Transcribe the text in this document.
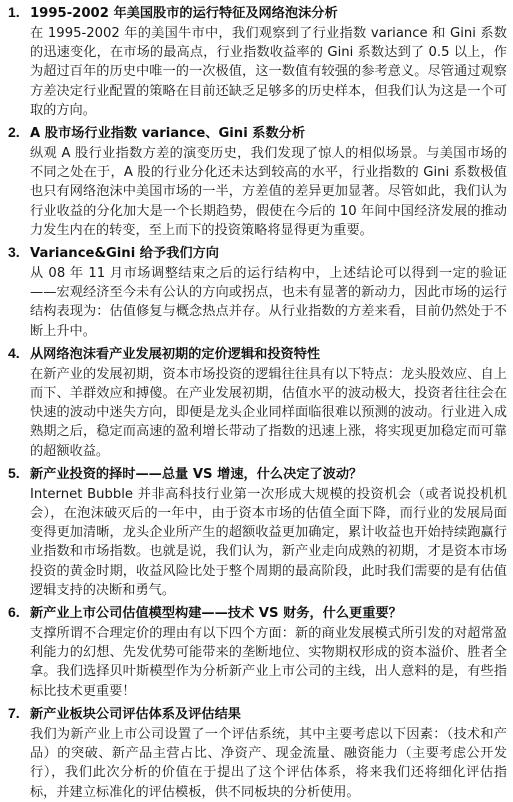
1. 1995-2002 年美国股市的运行特征及网络泡沫分析
在 1995-2002 年的美国牛市中，我们观察到了行业指数 variance 和 Gini 系数的迅速变化，在市场的最高点，行业指数收益率的 Gini 系数达到了 0.5 以上，作为超过百年的历史中唯一的一次极值，这一数值有较强的参考意义。尽管通过观察方差决定行业配置的策略在目前还缺乏足够多的历史样本，但我们认为这是一个可取的方向。
2. A 股市场行业指数 variance、Gini 系数分析
纵观 A 股行业指数方差的演变历史，我们发现了惊人的相似场景。与美国市场的不同之处在于，A 股的行业分化还未达到较高的水平，行业指数的 Gini 系数极值也只有网络泡沫中美国市场的一半，方差值的差异更加显著。尽管如此，我们认为行业收益的分化加大是一个长期趋势，假使在今后的 10 年间中国经济发展的推动力发生内在的转变，至上而下的投资策略将显得更为重要。
3. Variance&Gini 给予我们方向
从 08 年 11 月市场调整结束之后的运行结构中，上述结论可以得到一定的验证——宏观经济至今未有公认的方向或拐点，也未有显著的新动力，因此市场的运行结构表现为：估值修复与概念热点并存。从行业指数的方差来看，目前仍然处于不断上升中。
4. 从网络泡沫看产业发展初期的定价逻辑和投资特性
在新产业的发展初期，资本市场投资的逻辑往往具有以下特点：龙头股效应、自上而下、羊群效应和搏傻。在产业发展初期，估值水平的波动极大，投资者往往会在快速的波动中迷失方向，即便是龙头企业同样面临很难以预测的波动。行业进入成熟期之后，稳定而高速的盈利增长带动了指数的迅速上涨，将实现更加稳定而可靠的超额收益。
5. 新产业投资的择时——总量 VS 增速，什么决定了波动？
Internet Bubble 并非高科技行业第一次形成大规模的投资机会（或者说投机机会），在泡沫破灭后的一年中，由于资本市场的估值全面下降，而行业的发展局面变得更加清晰，龙头企业所产生的超额收益更加确定，累计收益也开始持续跑赢行业指数和市场指数。也就是说，我们认为，新产业走向成熟的初期，才是资本市场投资的黄金时期，收益风险比处于整个周期的最高阶段，此时我们需要的是有估值逻辑支持的决断和勇气。
6. 新产业上市公司估值模型构建——技术 VS 财务，什么更重要？
支撑所谓不合理定价的理由有以下四个方面：新的商业发展模式所引发的对超常盈利能力的幻想、先发优势可能带来的垄断地位、实物期权形成的资本溢价、胜者全拿。我们选择贝叶斯模型作为分析新产业上市公司的主线，出人意料的是，有些指标比技术更重要！
7. 新产业板块公司评估体系及评估结果
我们为新产业上市公司设置了一个评估系统，其中主要考虑以下因素：（技术和产品）的突破、新产品主营占比、净资产、现金流量、融资能力（主要考虑公开发行），我们此次分析的价值在于提出了这个评估体系，将来我们还将细化评估指标，并建立标准化的评估模板，供不同板块的分析使用。
